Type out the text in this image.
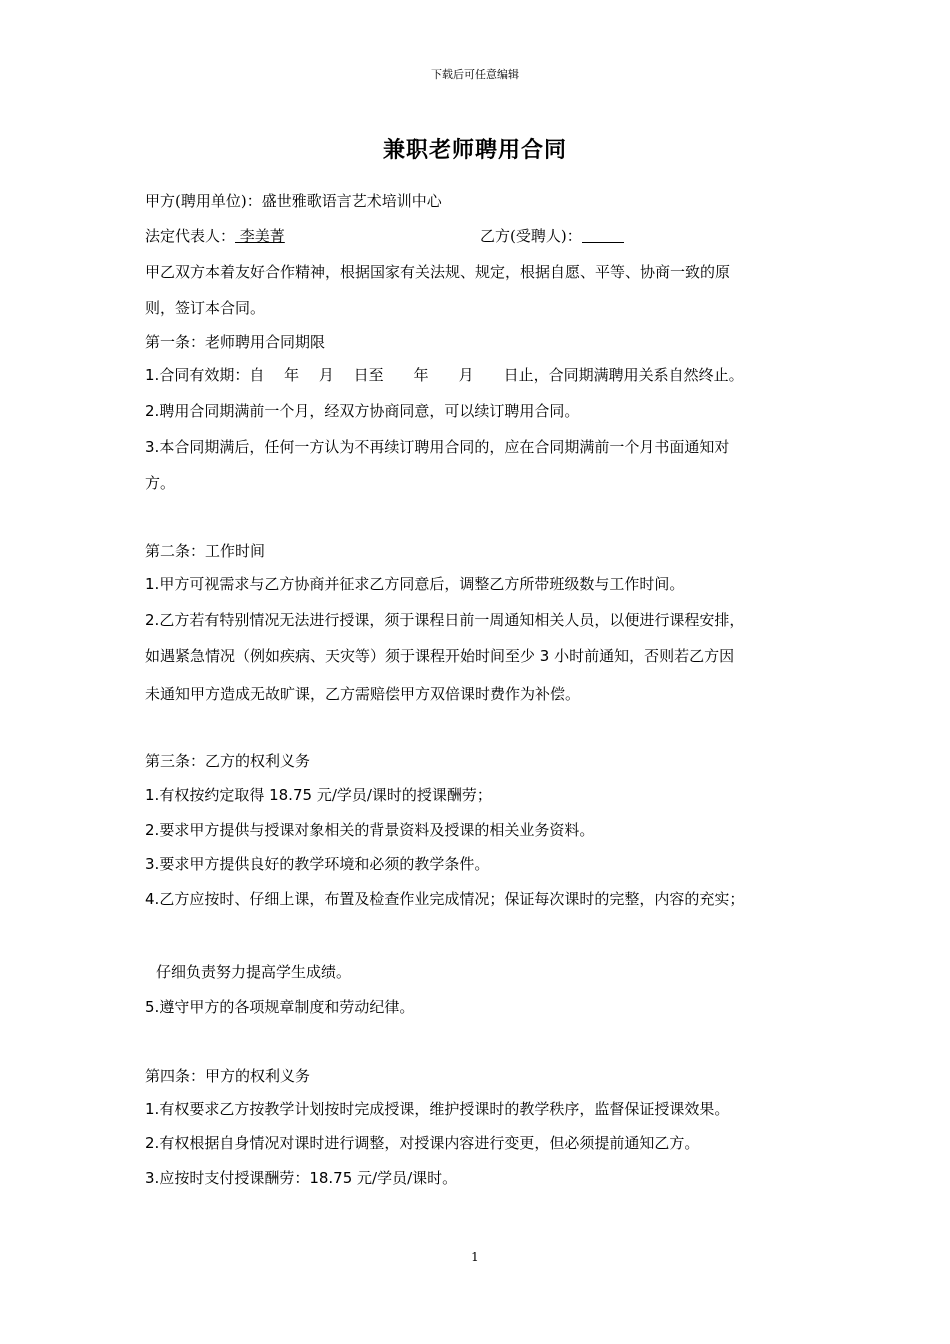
下载后可任意编辑
兼职老师聘用合同
甲方(聘用单位)：盛世雅歌语言艺术培训中心
法定代表人： 李美菁	乙方(受聘人)：
甲乙双方本着友好合作精神，根据国家有关法规、规定，根据自愿、平等、协商一致的原
则，签订本合同。
第一条：老师聘用合同期限
1.合同有效期：自　 年　 月　 日至　　年　　月　　日止，合同期满聘用关系自然终止。
2.聘用合同期满前一个月，经双方协商同意，可以续订聘用合同。
3.本合同期满后，任何一方认为不再续订聘用合同的，应在合同期满前一个月书面通知对
方。
第二条：工作时间
1.甲方可视需求与乙方协商并征求乙方同意后，调整乙方所带班级数与工作时间。
2.乙方若有特别情况无法进行授课，须于课程日前一周通知相关人员，以便进行课程安排，
如遇紧急情况（例如疾病、天灾等）须于课程开始时间至少 3 小时前通知，否则若乙方因
未通知甲方造成无故旷课，乙方需赔偿甲方双倍课时费作为补偿。
第三条：乙方的权利义务
1.有权按约定取得 18.75 元/学员/课时的授课酬劳；
2.要求甲方提供与授课对象相关的背景资料及授课的相关业务资料。
3.要求甲方提供良好的教学环境和必须的教学条件。
4.乙方应按时、仔细上课，布置及检查作业完成情况；保证每次课时的完整，内容的充实；
仔细负责努力提高学生成绩。
5.遵守甲方的各项规章制度和劳动纪律。
第四条：甲方的权利义务
1.有权要求乙方按教学计划按时完成授课，维护授课时的教学秩序，监督保证授课效果。
2.有权根据自身情况对课时进行调整，对授课内容进行变更，但必须提前通知乙方。
3.应按时支付授课酬劳：18.75 元/学员/课时。
1
